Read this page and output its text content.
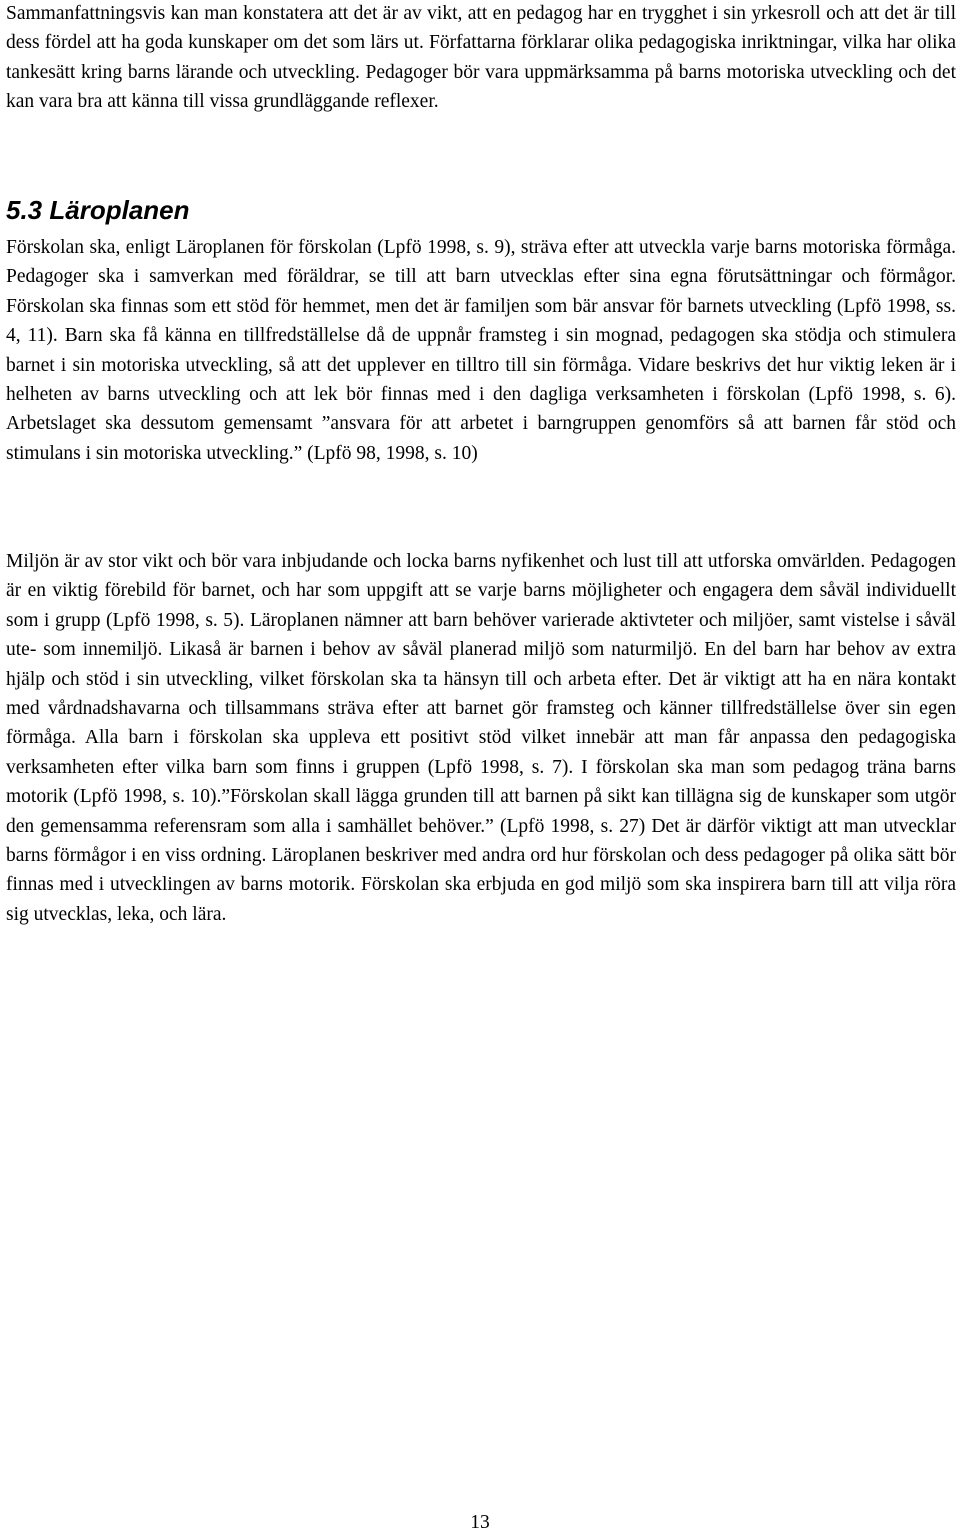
Sammanfattningsvis kan man konstatera att det är av vikt, att en pedagog har en trygghet i sin yrkesroll och att det är till dess fördel att ha goda kunskaper om det som lärs ut. Författarna förklarar olika pedagogiska inriktningar, vilka har olika tankesätt kring barns lärande och utveckling. Pedagoger bör vara uppmärksamma på barns motoriska utveckling och det kan vara bra att känna till vissa grundläggande reflexer.

5.3 Läroplanen

Förskolan ska, enligt Läroplanen för förskolan (Lpfö 1998, s. 9), sträva efter att utveckla varje barns motoriska förmåga. Pedagoger ska i samverkan med föräldrar, se till att barn utvecklas efter sina egna förutsättningar och förmågor. Förskolan ska finnas som ett stöd för hemmet, men det är familjen som bär ansvar för barnets utveckling (Lpfö 1998, ss. 4, 11). Barn ska få känna en tillfredställelse då de uppnår framsteg i sin mognad, pedagogen ska stödja och stimulera barnet i sin motoriska utveckling, så att det upplever en tilltro till sin förmåga. Vidare beskrivs det hur viktig leken är i helheten av barns utveckling och att lek bör finnas med i den dagliga verksamheten i förskolan (Lpfö 1998, s. 6). Arbetslaget ska dessutom gemensamt ”ansvara för att arbetet i barngruppen genomförs så att barnen får stöd och stimulans i sin motoriska utveckling.” (Lpfö 98, 1998, s. 10)

Miljön är av stor vikt och bör vara inbjudande och locka barns nyfikenhet och lust till att utforska omvärlden. Pedagogen är en viktig förebild för barnet, och har som uppgift att se varje barns möjligheter och engagera dem såväl individuellt som i grupp (Lpfö 1998, s. 5). Läroplanen nämner att barn behöver varierade aktivteter och miljöer, samt vistelse i såväl ute- som innemiljö. Likaså är barnen i behov av såväl planerad miljö som naturmiljö. En del barn har behov av extra hjälp och stöd i sin utveckling, vilket förskolan ska ta hänsyn till och arbeta efter. Det är viktigt att ha en nära kontakt med vårdnadshavarna och tillsammans sträva efter att barnet gör framsteg och känner tillfredställelse över sin egen förmåga. Alla barn i förskolan ska uppleva ett positivt stöd vilket innebär att man får anpassa den pedagogiska verksamheten efter vilka barn som finns i gruppen (Lpfö 1998, s. 7). I förskolan ska man som pedagog träna barns motorik (Lpfö 1998, s. 10).”Förskolan skall lägga grunden till att barnen på sikt kan tillägna sig de kunskaper som utgör den gemensamma referensram som alla i samhället behöver.” (Lpfö 1998, s. 27) Det är därför viktigt att man utvecklar barns förmågor i en viss ordning. Läroplanen beskriver med andra ord hur förskolan och dess pedagoger på olika sätt bör finnas med i utvecklingen av barns motorik. Förskolan ska erbjuda en god miljö som ska inspirera barn till att vilja röra sig utvecklas, leka, och lära.

13
